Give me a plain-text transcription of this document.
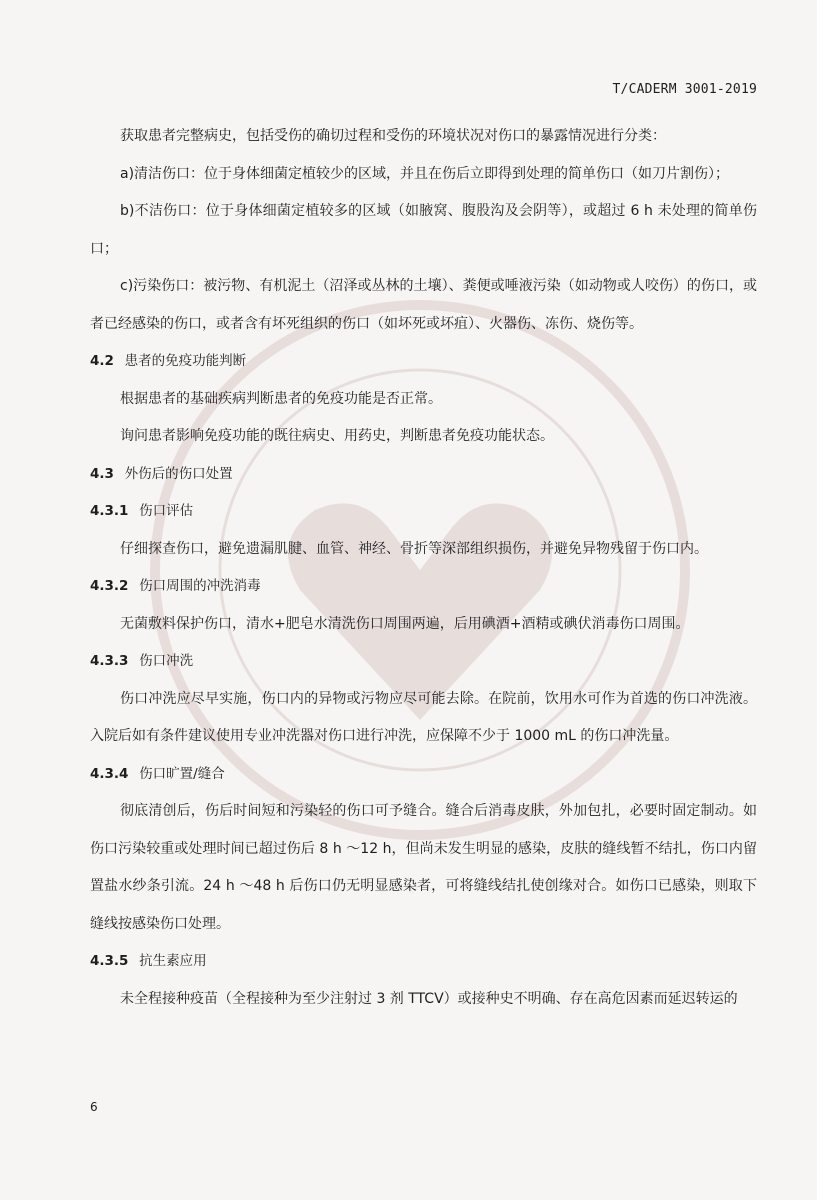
T/CADERM 3001-2019

获取患者完整病史，包括受伤的确切过程和受伤的环境状况对伤口的暴露情况进行分类：

a)清洁伤口：位于身体细菌定植较少的区域，并且在伤后立即得到处理的简单伤口（如刀片割伤）；

b)不洁伤口：位于身体细菌定植较多的区域（如腋窝、腹股沟及会阴等），或超过 6 h 未处理的简单伤口；

c)污染伤口：被污物、有机泥土（沼泽或丛林的土壤）、粪便或唾液污染（如动物或人咬伤）的伤口，或者已经感染的伤口，或者含有坏死组织的伤口（如坏死或坏疽）、火器伤、冻伤、烧伤等。

4.2 患者的免疫功能判断

根据患者的基础疾病判断患者的免疫功能是否正常。

询问患者影响免疫功能的既往病史、用药史，判断患者免疫功能状态。

4.3 外伤后的伤口处置
4.3.1 伤口评估

仔细探查伤口，避免遗漏肌腱、血管、神经、骨折等深部组织损伤，并避免异物残留于伤口内。

4.3.2 伤口周围的冲洗消毒

无菌敷料保护伤口，清水+肥皂水清洗伤口周围两遍，后用碘酒+酒精或碘伏消毒伤口周围。

4.3.3 伤口冲洗

伤口冲洗应尽早实施，伤口内的异物或污物应尽可能去除。在院前，饮用水可作为首选的伤口冲洗液。入院后如有条件建议使用专业冲洗器对伤口进行冲洗，应保障不少于 1000 mL 的伤口冲洗量。

4.3.4 伤口旷置/缝合

彻底清创后，伤后时间短和污染轻的伤口可予缝合。缝合后消毒皮肤，外加包扎，必要时固定制动。如伤口污染较重或处理时间已超过伤后 8 h ～12 h，但尚未发生明显的感染，皮肤的缝线暂不结扎，伤口内留置盐水纱条引流。24 h ～48 h 后伤口仍无明显感染者，可将缝线结扎使创缘对合。如伤口已感染，则取下缝线按感染伤口处理。

4.3.5 抗生素应用

未全程接种疫苗（全程接种为至少注射过 3 剂 TTCV）或接种史不明确、存在高危因素而延迟转运的

6
